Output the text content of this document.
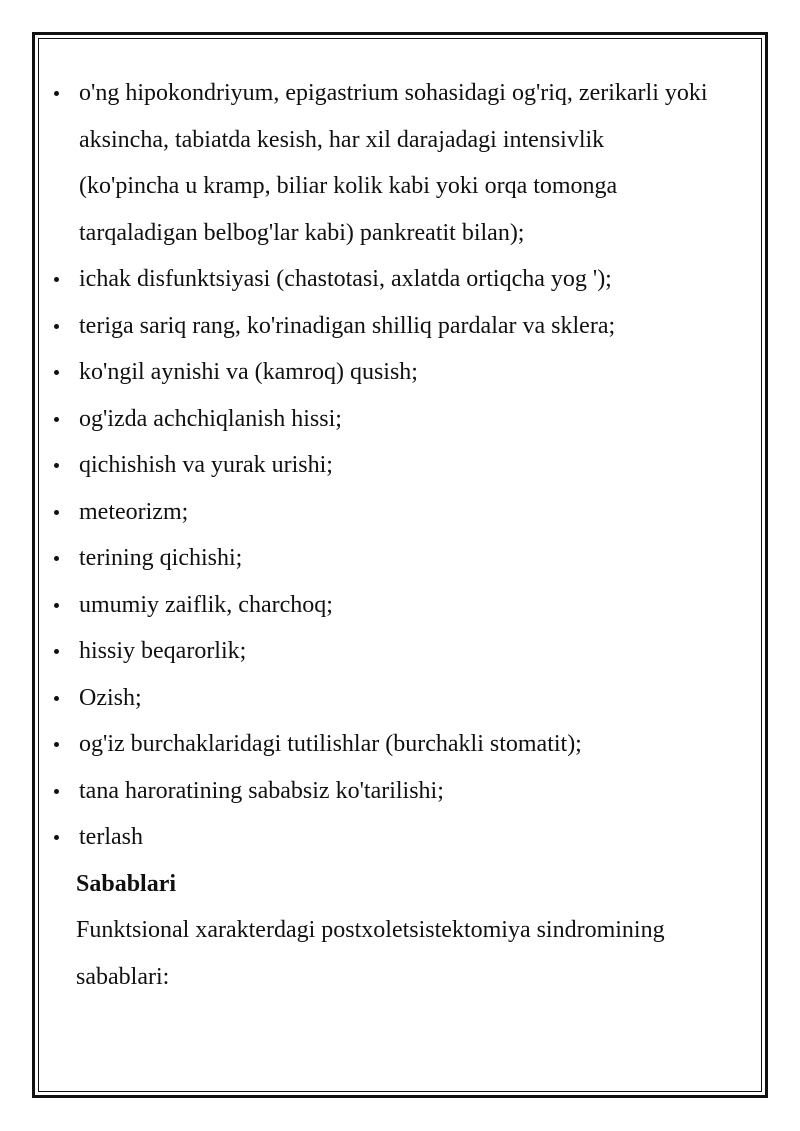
o'ng hipokondriyum, epigastrium sohasidagi og'riq, zerikarli yoki aksincha, tabiatda kesish, har xil darajadagi intensivlik (ko'pincha u kramp, biliar kolik kabi yoki orqa tomonga tarqaladigan belbog'lar kabi) pankreatit bilan);
ichak disfunktsiyasi (chastotasi, axlatda ortiqcha yog ');
teriga sariq rang, ko'rinadigan shilliq pardalar va sklera;
ko'ngil aynishi va (kamroq) qusish;
og'izda achchiqlanish hissi;
qichishish va yurak urishi;
meteorizm;
terining qichishi;
umumiy zaiflik, charchoq;
hissiy beqarorlik;
Ozish;
og'iz burchaklaridagi tutilishlar (burchakli stomatit);
tana haroratining sababsiz ko'tarilishi;
terlash
Sabablari
Funktsional xarakterdagi postxoletsistektomiya sindromining sabablari:
